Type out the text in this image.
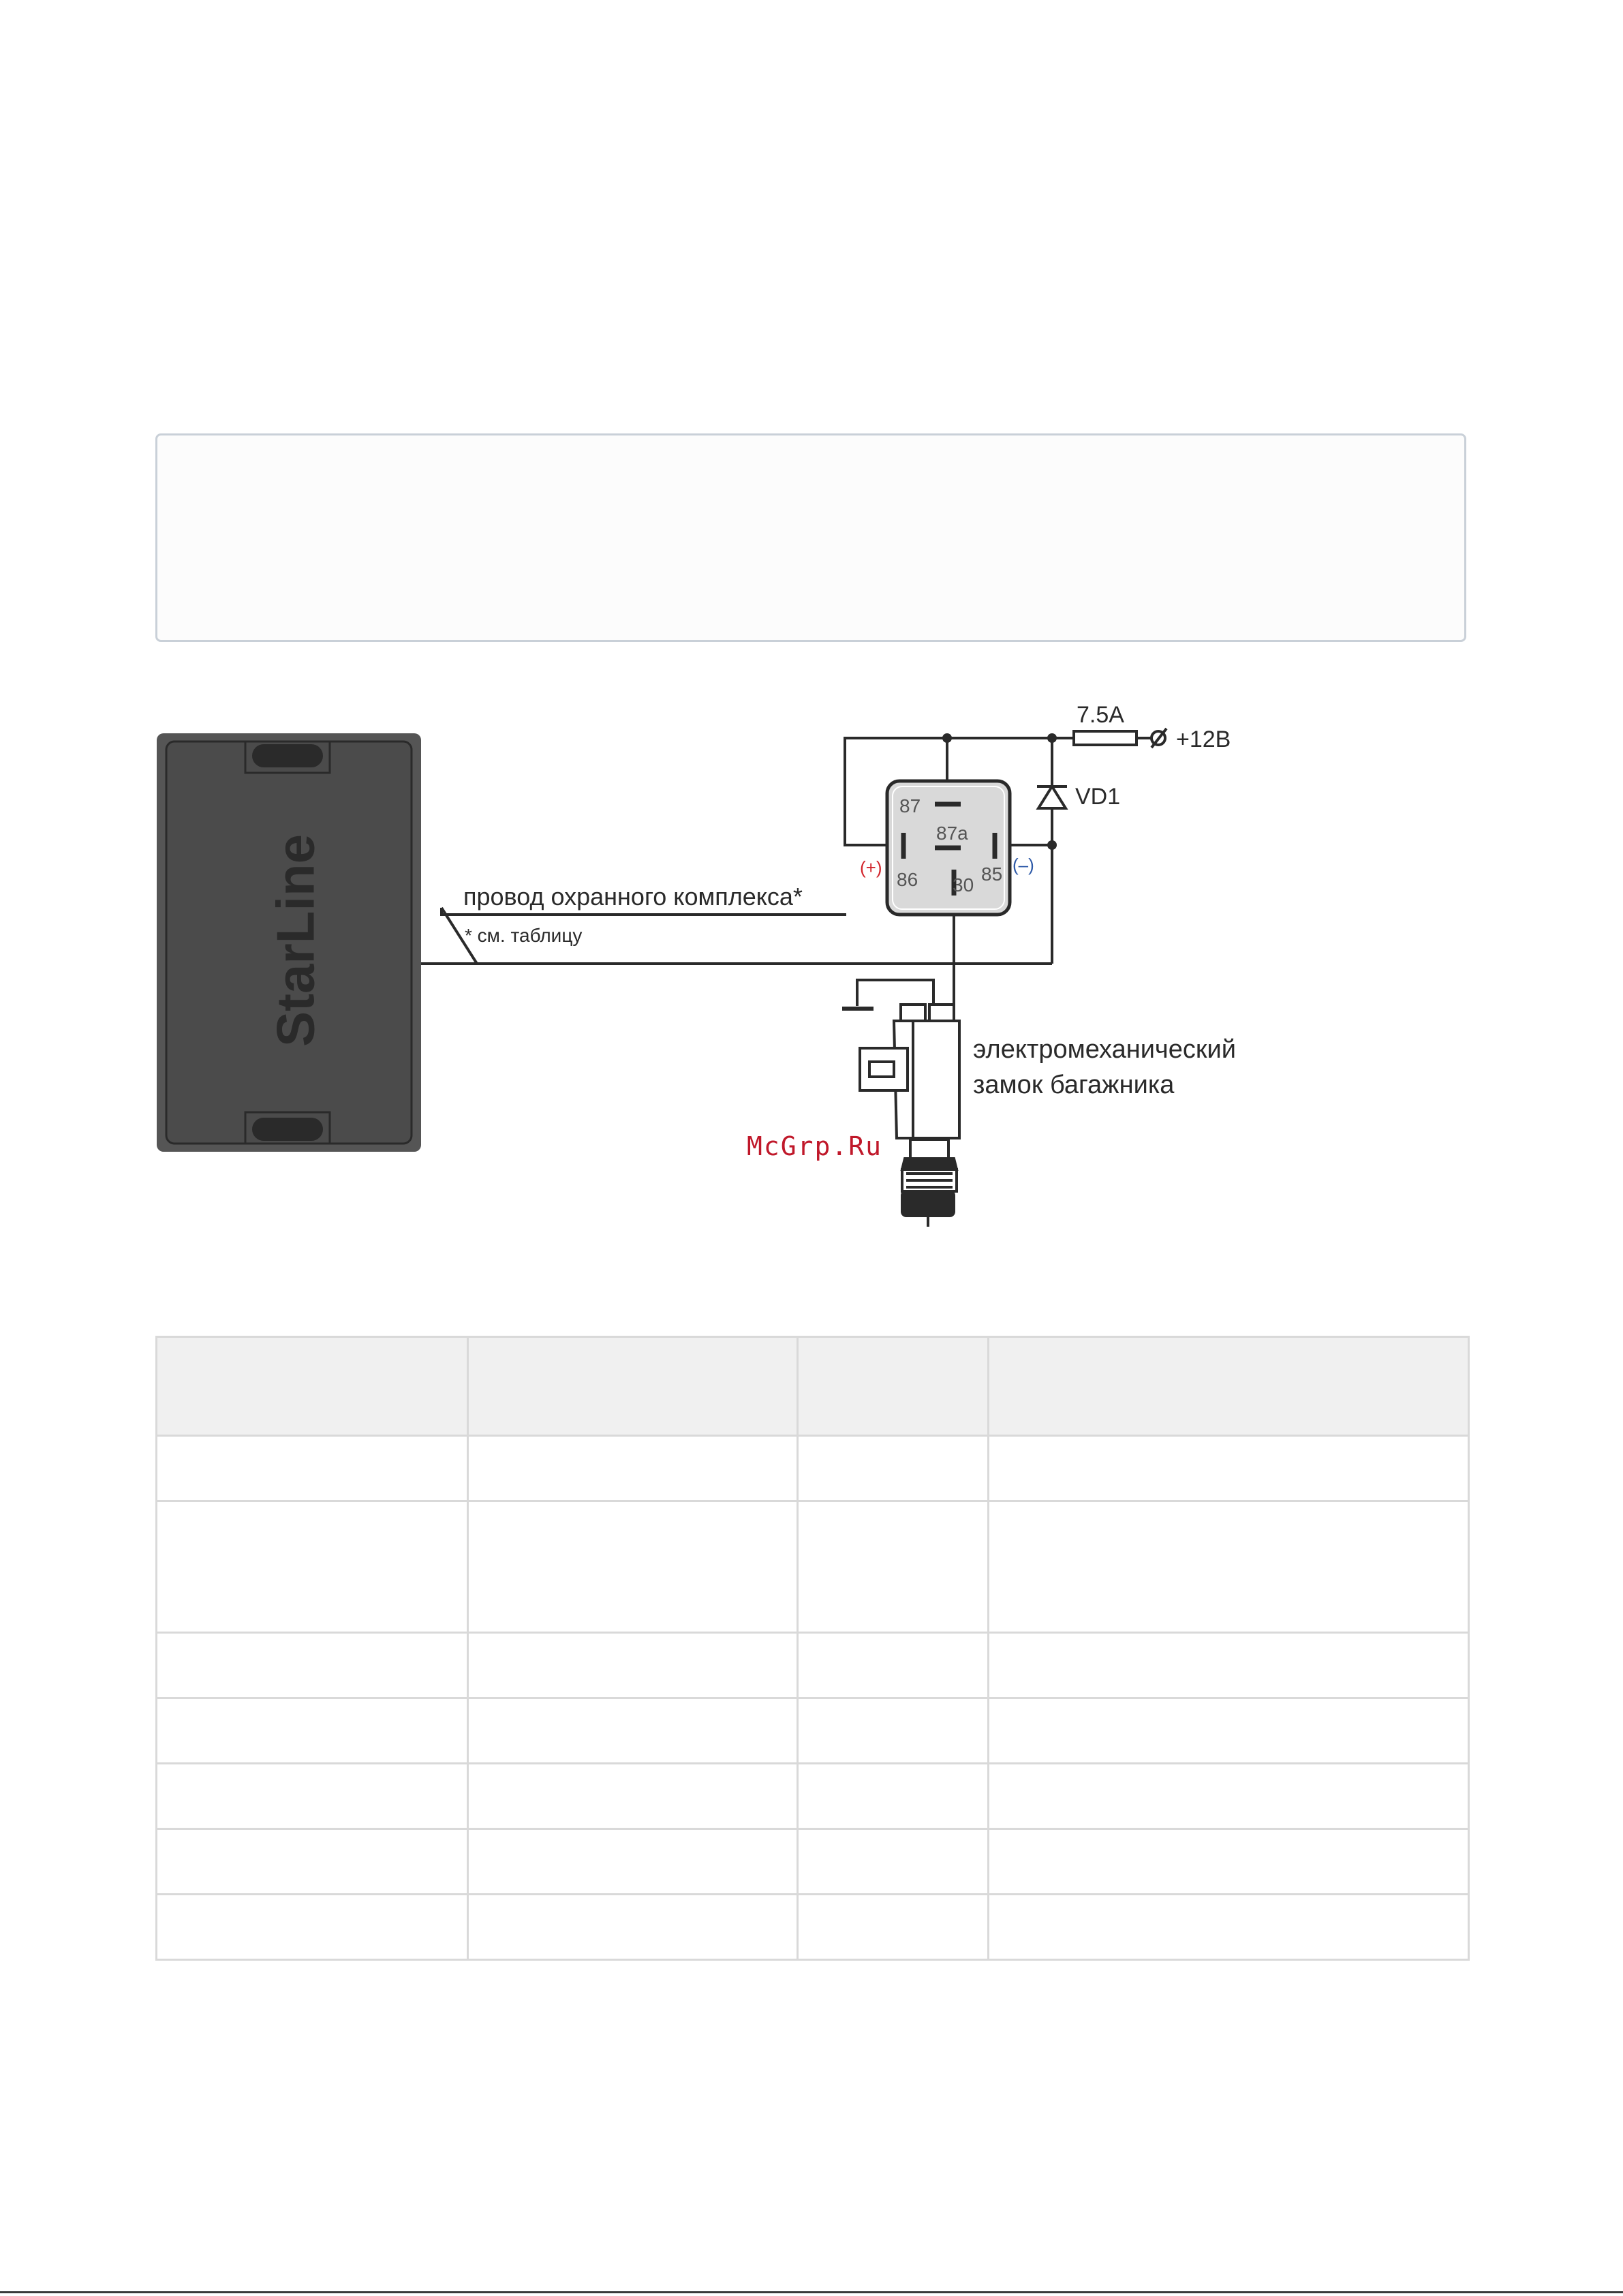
StarLine
7.5A
+12В
VD1
87
87a
86 30
85
(+)	(–)
провод охранного комплекса*
* см. таблицу
электромеханический
замок багажника
McGrp.Ru
